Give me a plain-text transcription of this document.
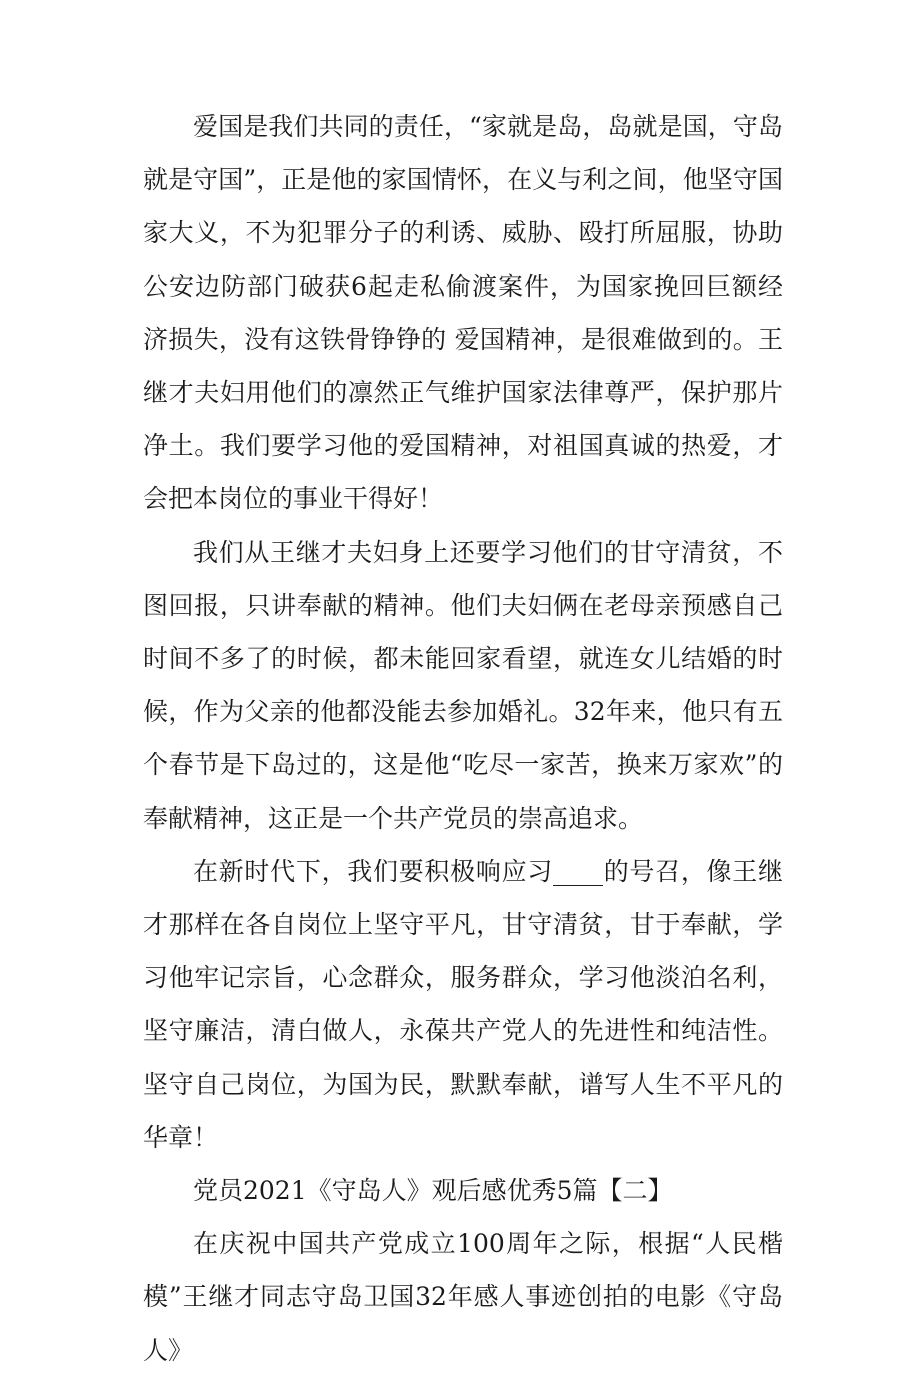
爱国是我们共同的责任，“家就是岛，岛就是国，守岛就是守国”，正是他的家国情怀，在义与利之间，他坚守国家大义，不为犯罪分子的利诱、威胁、殴打所屈服，协助公安边防部门破获6起走私偷渡案件，为国家挽回巨额经济损失，没有这铁骨铮铮的 爱国精神，是很难做到的。王继才夫妇用他们的凛然正气维护国家法律尊严，保护那片净土。我们要学习他的爱国精神，对祖国真诚的热爱，才会把本岗位的事业干得好！

我们从王继才夫妇身上还要学习他们的甘守清贫，不图回报，只讲奉献的精神。他们夫妇俩在老母亲预感自己时间不多了的时候，都未能回家看望，就连女儿结婚的时候，作为父亲的他都没能去参加婚礼。32年来，他只有五个春节是下岛过的，这是他“吃尽一家苦，换来万家欢”的奉献精神，这正是一个共产党员的崇高追求。

在新时代下，我们要积极响应习____的号召，像王继才那样在各自岗位上坚守平凡，甘守清贫，甘于奉献，学习他牢记宗旨，心念群众，服务群众，学习他淡泊名利，坚守廉洁，清白做人，永葆共产党人的先进性和纯洁性。坚守自己岗位，为国为民，默默奉献，谱写人生不平凡的华章！

党员2021《守岛人》观后感优秀5篇【二】

在庆祝中国共产党成立100周年之际，根据“人民楷模”王继才同志守岛卫国32年感人事迹创拍的电影《守岛人》
